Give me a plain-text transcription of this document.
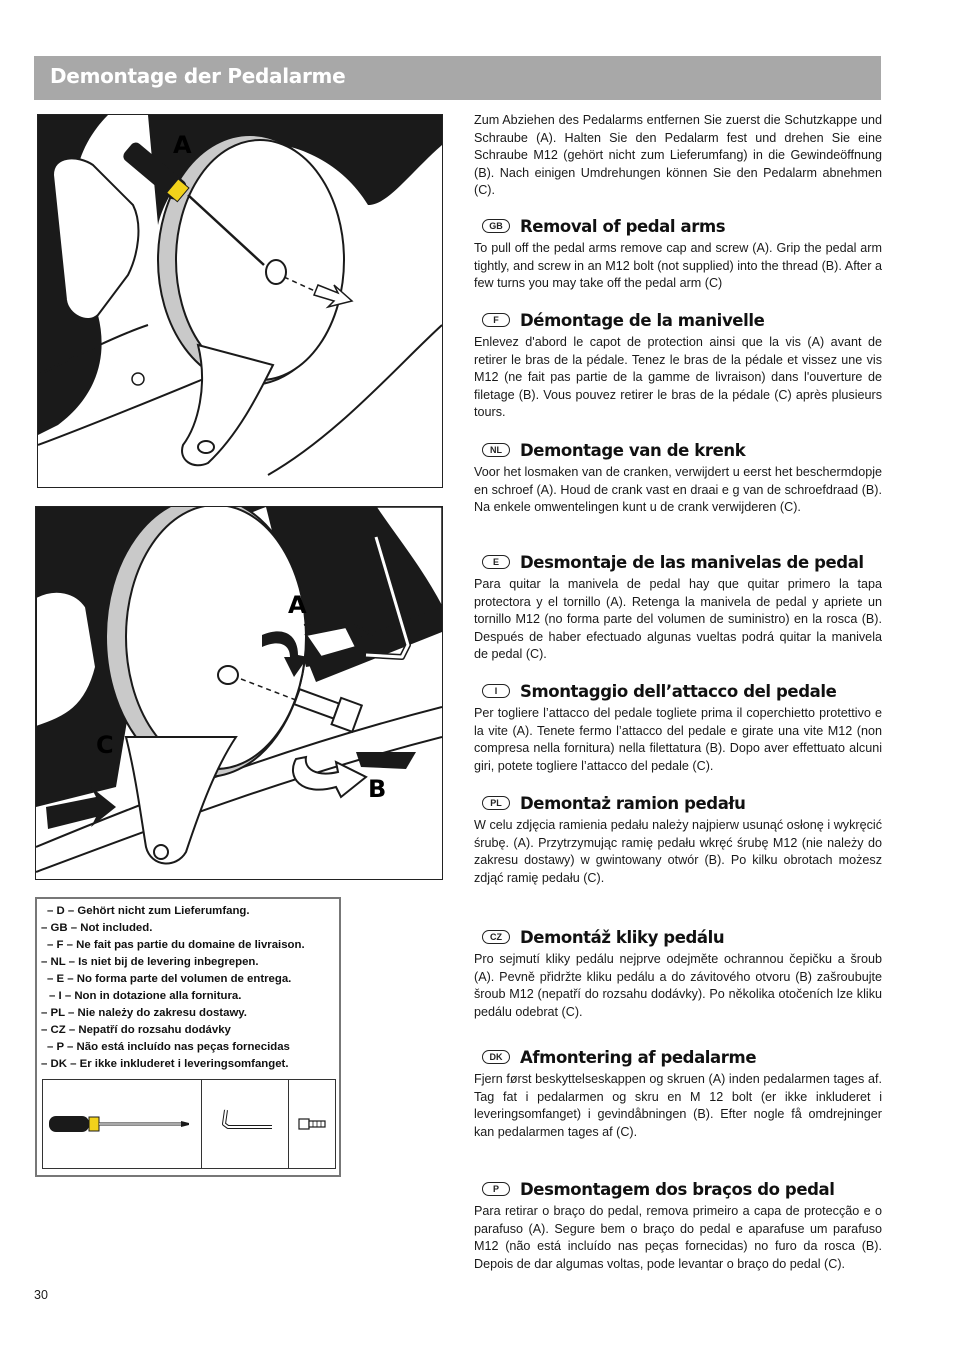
Demontage der Pedalarme
A
A
C
B
– D – Gehört nicht zum Lieferumfang.
– GB – Not included.
– F – Ne fait pas partie du domaine de livraison.
– NL – Is niet bij de levering inbegrepen.
– E – No forma parte del volumen de entrega.
– I – Non in dotazione alla fornitura.
– PL – Nie należy do zakresu dostawy.
– CZ – Nepatří do rozsahu dodávky
– P – Não está incluído nas peças fornecidas
– DK – Er ikke inkluderet i leveringsomfanget.

Zum Abziehen des Pedalarms entfernen Sie zuerst die Schutzkappe und Schraube (A). Halten Sie den Pedalarm fest und drehen Sie eine Schraube M12 (gehört nicht zum Lieferumfang) in die Gewindeöffnung (B). Nach einigen Umdrehungen können Sie den Pedalarm abnehmen (C).

GB	Removal of pedal arms

To pull off the pedal arms remove cap and screw (A). Grip the pedal arm tightly, and screw in an M12 bolt (not supplied) into the thread (B). After a few turns you may take off the pedal arm (C)

F	Démontage de la manivelle

Enlevez d'abord le capot de protection ainsi que la vis (A) avant de retirer le bras de la pédale. Tenez le bras de la pédale et vissez une vis M12 (ne fait pas partie de la gamme de livraison) dans l'ouverture de filetage (B). Vous pouvez retirer le bras de la pédale (C) après plusieurs tours.

NL	Demontage van de krenk

Voor het losmaken van de cranken, verwijdert u eerst het beschermdopje en schroef (A). Houd de crank vast en draai e g van de schroefdraad (B). Na enkele omwentelingen kunt u de crank verwijderen (C).

E	Desmontaje de las manivelas de pedal

Para quitar la manivela de pedal hay que quitar primero la tapa protectora y el tornillo (A). Retenga la manivela de pedal y apriete un tornillo M12 (no forma parte del volumen de suministro) en la rosca (B). Después de haber efectuado algunas vueltas podrá quitar la manivela de pedal (C).

I	Smontaggio dell’attacco del pedale

Per togliere l’attacco del pedale togliete prima il coperchietto protettivo e la vite (A). Tenete fermo l’attacco del pedale e girate una vite M12 (non compresa nella fornitura) nella filettatura (B). Dopo aver effettuato alcuni giri, potete togliere l’attacco del pedale (C).

PL	Demontaż ramion pedału

W celu zdjęcia ramienia pedału należy najpierw usunąć osłonę i wykręcić śrubę. (A). Przytrzymując ramię pedału wkręć śrubę M12 (nie należy do zakresu dostawy) w gwintowany otwór (B). Po kilku obrotach możesz zdjąć ramię pedału (C).

CZ	Demontáž kliky pedálu

Pro sejmutí kliky pedálu nejprve odejměte ochrannou čepičku a šroub (A). Pevně přidržte kliku pedálu a do závitového otvoru (B) zašroubujte šroub M12 (nepatří do rozsahu dodávky). Po několika otočeních lze kliku pedálu odebrat (C).

DK	Afmontering af pedalarme

Fjern først beskyttelseskappen og skruen (A) inden pedalarmen tages af. Tag fat i pedalarmen og skru en M 12 bolt (er ikke inkluderet i leveringsomfanget) i gevindåbningen (B). Efter nogle få omdrejninger kan pedalarmen tages af (C).

P	Desmontagem dos braços do pedal

Para retirar o braço do pedal, remova primeiro a capa de protecção e o parafuso (A). Segure bem o braço do pedal e aparafuse um parafuso M12 (não está incluído nas peças fornecidas) no furo da rosca (B). Depois de dar algumas voltas, pode levantar o braço do pedal (C).

30
